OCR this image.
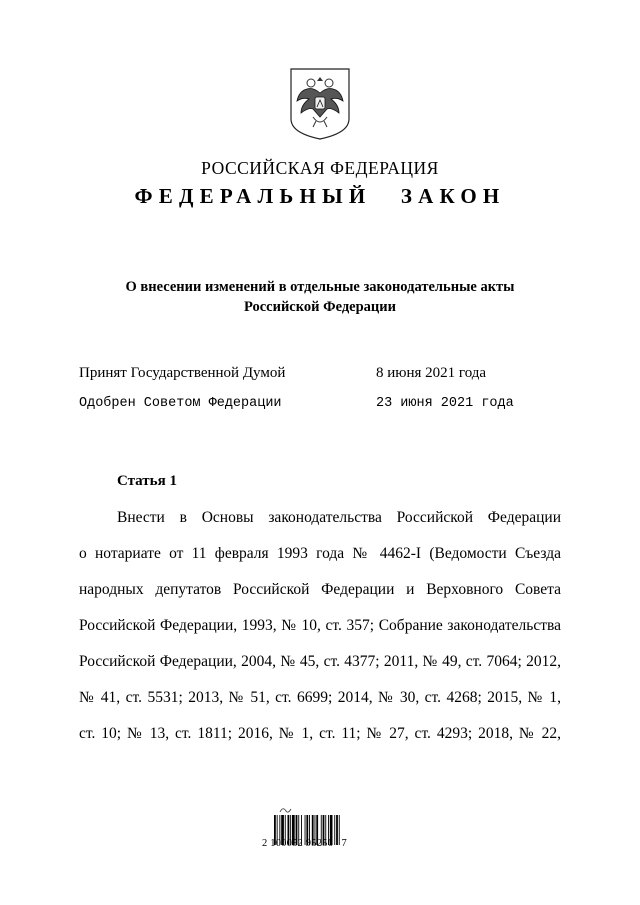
РОССИЙСКАЯ ФЕДЕРАЦИЯ
ФЕДЕРАЛЬНЫЙ ЗАКОН
О внесении изменений в отдельные законодательные акты
Российской Федерации
Принят Государственной Думой	8 июня 2021 года
Одобрен Советом Федерации	23 июня 2021 года
Статья 1
Внести в Основы законодательства Российской Федерации
о нотариате от 11 февраля 1993 года № 4462-I (Ведомости Съезда
народных депутатов Российской Федерации и Верховного Совета
Российской Федерации, 1993, № 10, ст. 357; Собрание законодательства
Российской Федерации, 2004, № 45, ст. 4377; 2011, № 49, ст. 7064; 2012,
№ 41, ст. 5531; 2013, № 51, ст. 6699; 2014, № 30, ст. 4268; 2015, № 1,
ст. 10; № 13, ст. 1811; 2016, № 1, ст. 11; № 27, ст. 4293; 2018, № 22,
2 100052 95256   7
